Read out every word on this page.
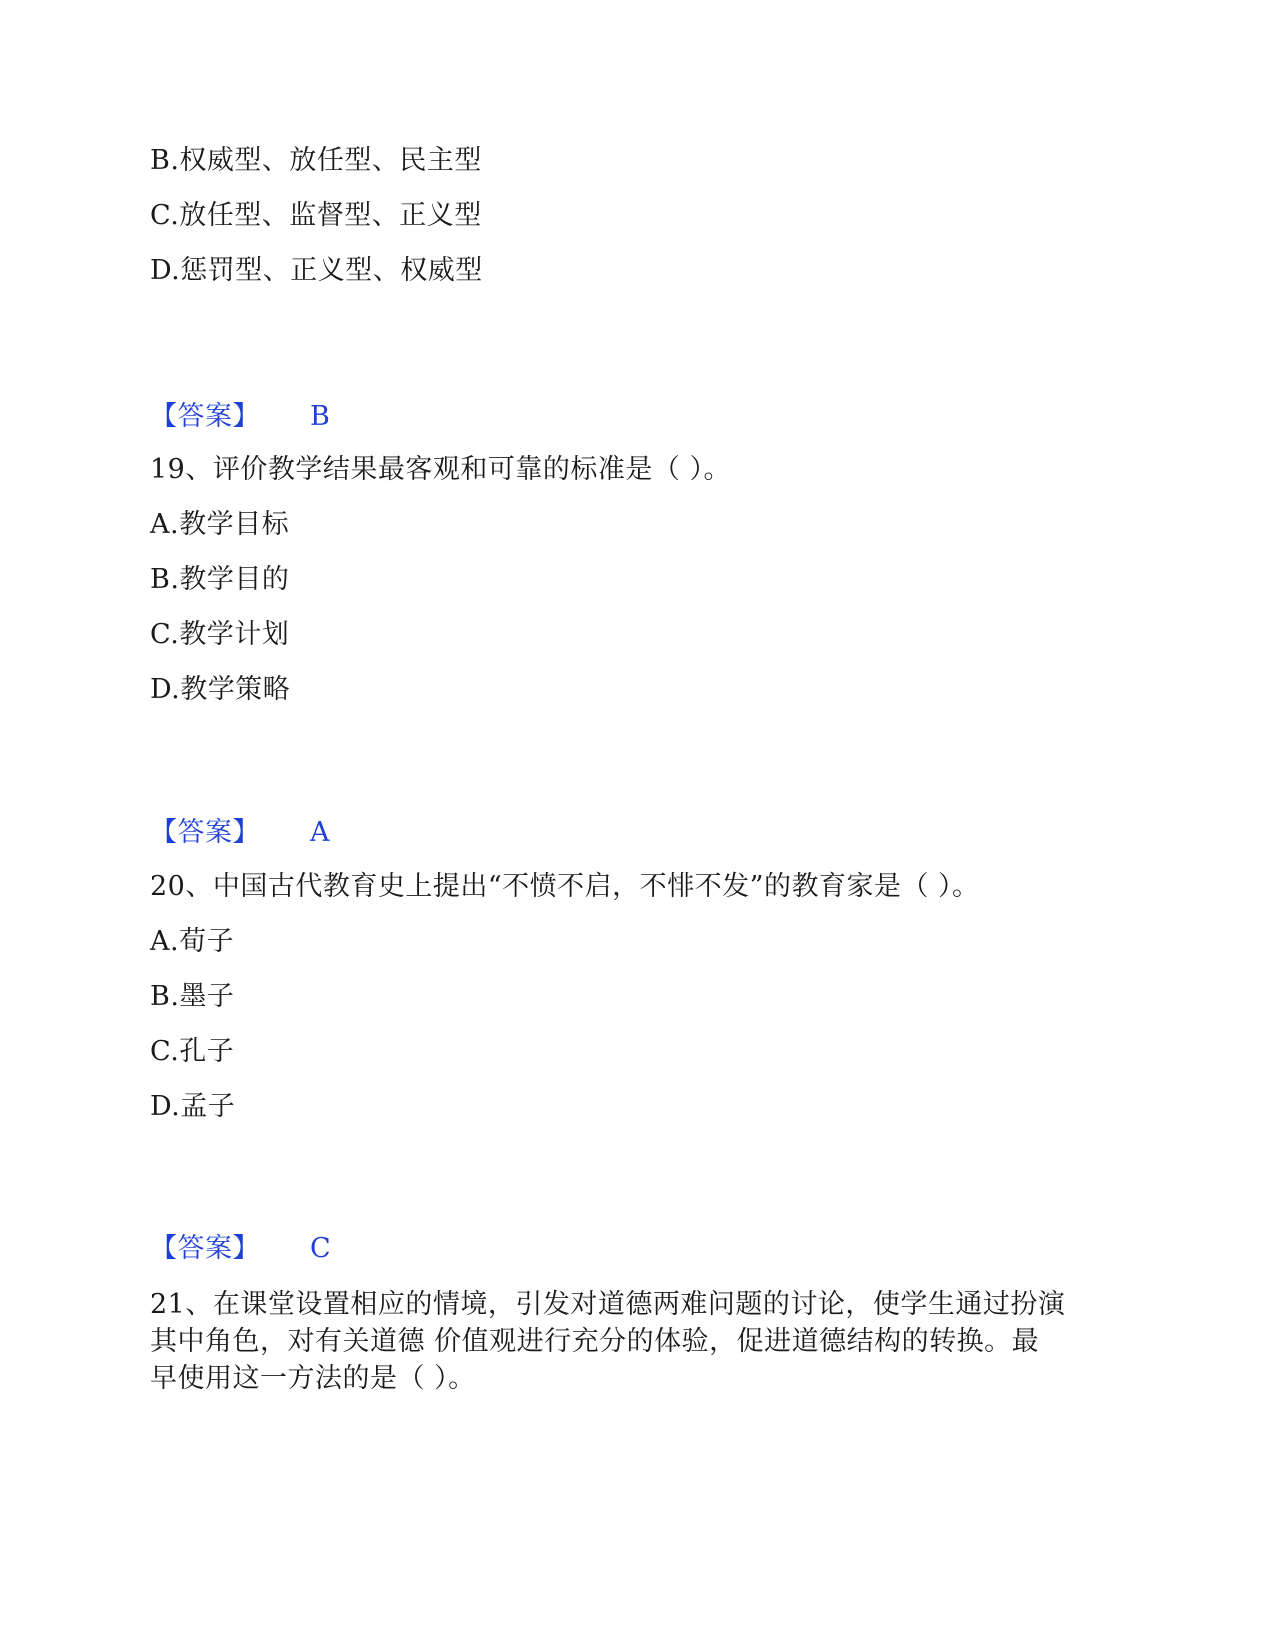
B.权威型、放任型、民主型
C.放任型、监督型、正义型
D.惩罚型、正义型、权威型
【答案】 B
19、评价教学结果最客观和可靠的标准是（ ）。
A.教学目标
B.教学目的
C.教学计划
D.教学策略
【答案】 A
20、中国古代教育史上提出“不愤不启，不悱不发”的教育家是（ ）。
A.荀子
B.墨子
C.孔子
D.孟子
【答案】 C
21、在课堂设置相应的情境，引发对道德两难问题的讨论，使学生通过扮演
其中角色，对有关道德 价值观进行充分的体验，促进道德结构的转换。最
早使用这一方法的是（ ）。
